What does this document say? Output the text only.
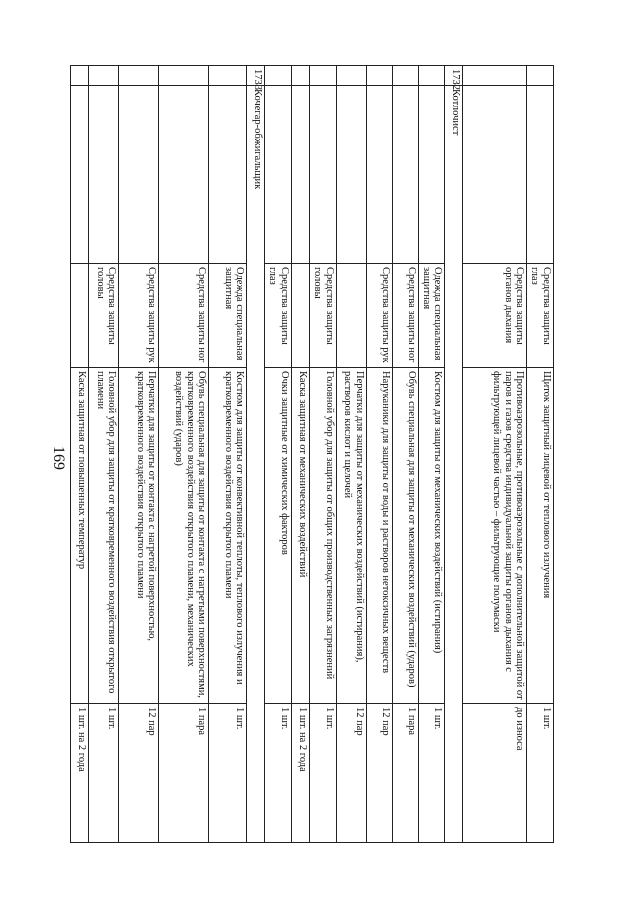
169
		Средства защиты глаз	Щиток защитный лицевой от теплового излучения	1 шт.
		Средства защиты органов дыхания	Противоаэрозольные, противоаэрозольные с дополнительной защитой от паров и газов средства индивидуальной защиты органов дыхания с фильтрующей лицевой частью – фильтрующие полумаски	до износа
1732	Котлочист			
		Одежда специальная защитная	Костюм для защиты от механических воздействий (истирания)	1 шт.
		Средства защиты ног	Обувь специальная для защиты от механических воздействий (ударов)	1 пара
		Средства защиты рук	Наруканики для защиты от воды и растворов нетоксичных веществ	12 пар
			Перчатки для защиты от механических воздействий (истирания), растворов кислот и щелочей	12 пар
		Средства защиты головы	Головной убор для защиты от общих производственных загрязнений	1 шт.
			Каска защитная от механических воздействий	1 шт. на 2 года
		Средства защиты глаз	Очки защитные от химических факторов	1 шт.
1733	Кочегар-обжигальщик			
		Одежда специальная защитная	Костюм для защиты от конвективной теплоты, теплового излучения и кратковременного воздействия открытого пламени	1 шт.
		Средства защиты ног	Обувь специальная для защиты от контакта с нагретыми поверхностями, кратковременного воздействия открытого пламени, механических воздействий (ударов)	1 пара
		Средства защиты рук	Перчатки для защиты от контакта с нагретой поверхностью, кратковременного воздействия открытого пламени	12 пар
		Средства защиты головы	Головной убор для защиты от кратковременного воздействия открытого пламени	1 шт.
			Каска защитная от повышенных температур	1 шт. на 2 года
